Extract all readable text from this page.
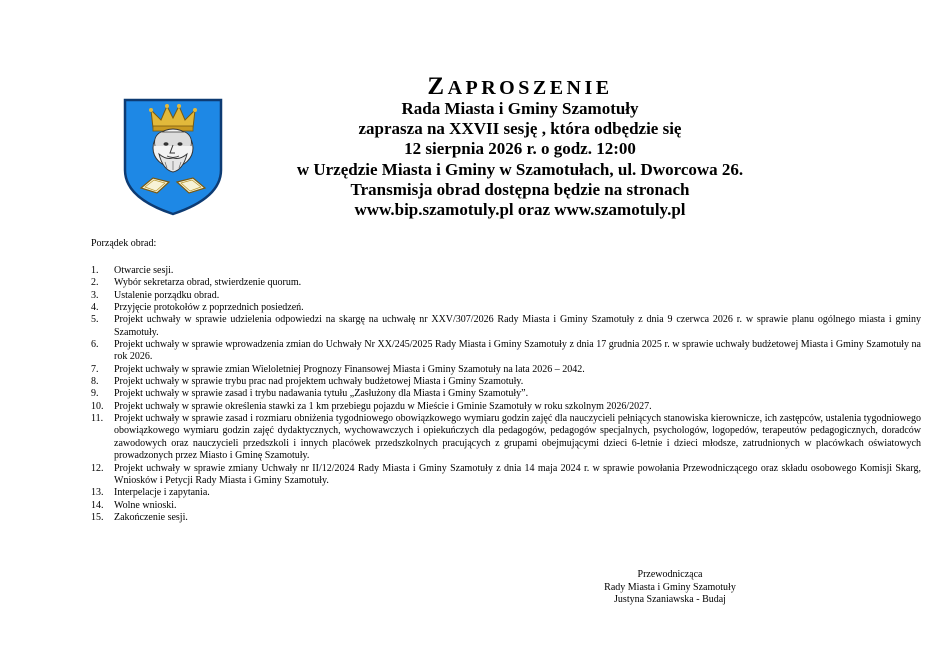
ZAPROSZENIE
Rada Miasta i Gminy Szamotuły
zaprasza na XXVII sesję , która odbędzie się
12 sierpnia 2026 r. o godz. 12:00
w Urzędzie Miasta i Gminy w Szamotułach, ul. Dworcowa 26.
Transmisja obrad dostępna będzie na stronach
www.bip.szamotuly.pl oraz www.szamotuly.pl
Porządek obrad:
1.	Otwarcie sesji.
2.	Wybór sekretarza obrad, stwierdzenie quorum.
3.	Ustalenie porządku obrad.
4.	Przyjęcie protokołów z poprzednich posiedzeń.
5.	Projekt uchwały w sprawie udzielenia odpowiedzi na skargę na uchwałę nr XXV/307/2026 Rady Miasta i Gminy Szamotuły z dnia 9 czerwca 2026 r. w sprawie planu ogólnego miasta i gminy Szamotuły.
6.	Projekt uchwały w sprawie wprowadzenia zmian do Uchwały Nr XX/245/2025 Rady Miasta i Gminy Szamotuły z dnia 17 grudnia 2025 r. w sprawie uchwały budżetowej Miasta i Gminy Szamotuły na rok 2026.
7.	Projekt uchwały w sprawie zmian Wieloletniej Prognozy Finansowej Miasta i Gminy Szamotuły na lata 2026 – 2042.
8.	Projekt uchwały w sprawie trybu prac nad projektem uchwały budżetowej Miasta i Gminy Szamotuły.
9.	Projekt uchwały w sprawie zasad i trybu nadawania tytułu „Zasłużony dla Miasta i Gminy Szamotuły”.
10.	Projekt uchwały w sprawie określenia stawki za 1 km przebiegu pojazdu w Mieście i Gminie Szamotuły w roku szkolnym 2026/2027.
11.	Projekt uchwały w sprawie zasad i rozmiaru obniżenia tygodniowego obowiązkowego wymiaru godzin zajęć dla nauczycieli pełniących stanowiska kierownicze, ich zastępców, ustalenia tygodniowego obowiązkowego wymiaru godzin zajęć dydaktycznych, wychowawczych i opiekuńczych dla pedagogów, pedagogów specjalnych, psychologów, logopedów, terapeutów pedagogicznych, doradców zawodowych oraz nauczycieli przedszkoli i innych placówek przedszkolnych pracujących z grupami obejmującymi dzieci 6-letnie i dzieci młodsze, zatrudnionych w placówkach oświatowych prowadzonych przez Miasto i Gminę Szamotuły.
12.	Projekt uchwały w sprawie zmiany Uchwały nr II/12/2024 Rady Miasta i Gminy Szamotuły z dnia 14 maja 2024 r. w sprawie powołania Przewodniczącego oraz składu osobowego Komisji Skarg, Wniosków i Petycji Rady Miasta i Gminy Szamotuły.
13.	Interpelacje i zapytania.
14.	Wolne wnioski.
15.	Zakończenie sesji.
Przewodnicząca
Rady Miasta i Gminy Szamotuły
Justyna Szaniawska - Budaj
